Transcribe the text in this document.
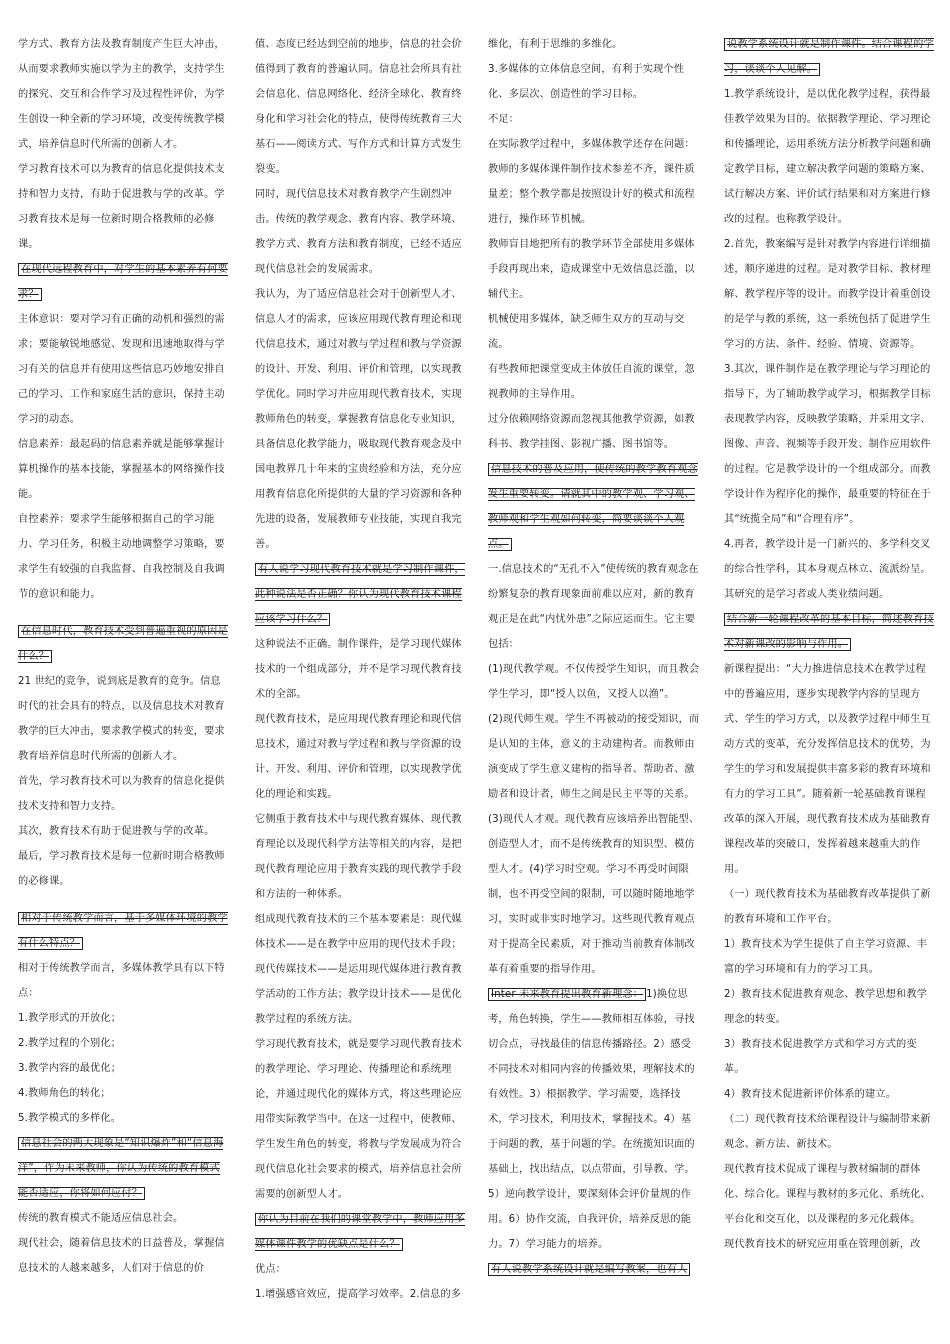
学方式、教育方法及教育制度产生巨大冲击，从而要求教师实施以学为主的教学，支持学生的探究、交互和合作学习及过程性评价，为学生创设一种全新的学习环境，改变传统教学模式，培养信息时代所需的创新人才。

学习教育技术可以为教育的信息化提供技术支持和智力支持，有助于促进教与学的改革。学习教育技术是每一位新时期合格教师的必修课。

在现代远程教育中，对学生的基本素养有何要求？

主体意识：要对学习有正确的动机和强烈的需求；要能敏锐地感觉、发现和迅速地取得与学习有关的信息并有使用这些信息巧妙地安排自己的学习、工作和家庭生活的意识，保持主动学习的动态。

信息素养：最起码的信息素养就是能够掌握计算机操作的基本技能，掌握基本的网络操作技能。

自控素养：要求学生能够根据自己的学习能力、学习任务，积极主动地调整学习策略，要求学生有较强的自我监督、自我控制及自我调节的意识和能力。

在信息时代，教育技术受到普遍重视的原因是什么？

21 世纪的竞争，说到底是教育的竞争。信息时代的社会具有的特点，以及信息技术对教育教学的巨大冲击，要求教学模式的转变，要求教育培养信息时代所需的创新人才。

首先，学习教育技术可以为教育的信息化提供技术支持和智力支持。

其次，教育技术有助于促进教与学的改革。

最后，学习教育技术是每一位新时期合格教师的必修课。

相对于传统教学而言，基于多媒体环境的教学有什么特点？

相对于传统教学而言，多媒体教学具有以下特点：

1.教学形式的开放化；

2.教学过程的个别化；

3.教学内容的最优化；

4.教师角色的转化；

5.教学模式的多样化。

信息社会的两大现象是“知识爆炸”和“信息海洋”，作为未来教师，你认为传统的教育模式能否适应，你将如何应付？

传统的教育模式不能适应信息社会。

现代社会，随着信息技术的日益普及，掌握信息技术的人越来越多，人们对于信息的价

值、态度已经达到空前的地步，信息的社会价值得到了教育的普遍认同。信息社会所具有社会信息化、信息网络化、经济全球化、教育终身化和学习社会化的特点，使得传统教育三大基石——阅读方式、写作方式和计算方式发生裂变。

同时，现代信息技术对教育教学产生剧烈冲击。传统的教学观念、教育内容、教学环境、教学方式、教育方法和教育制度，已经不适应现代信息社会的发展需求。

我认为，为了适应信息社会对于创新型人才、信息人才的需求，应该应用现代教育理论和现代信息技术，通过对教与学过程和教与学资源的设计、开发、利用、评价和管理，以实现教学优化。同时学习并应用现代教育技术，实现教师角色的转变，掌握教育信息化专业知识，具备信息化教学能力，吸取现代教育观念及中国电教界几十年来的宝贵经验和方法，充分应用教育信息化所提供的大量的学习资源和各种先进的设备，发展教师专业技能，实现自我完善。

有人说学习现代教育技术就是学习制作课件，此种说法是否正确？你认为现代教育技术课程应该学习什么？

这种说法不正确。制作课件，是学习现代媒体技术的一个组成部分，并不是学习现代教育技术的全部。

现代教育技术，是应用现代教育理论和现代信息技术，通过对教与学过程和教与学资源的设计、开发、利用、评价和管理，以实现教学优化的理论和实践。

它侧重于教育技术中与现代教育媒体、现代教育理论以及现代科学方法等相关的内容，是把现代教育理论应用于教育实践的现代教学手段和方法的一种体系。

组成现代教育技术的三个基本要素是：现代媒体技术——是在教学中应用的现代技术手段；现代传媒技术——是运用现代媒体进行教育教学活动的工作方法；教学设计技术——是优化教学过程的系统方法。

学习现代教育技术，就是要学习现代教育技术的教学理论、学习理论、传播理论和系统理论，并通过现代化的媒体方式，将这些理论应用带实际教学当中。在这一过程中，使教师、学生发生角色的转变，将教与学发展成为符合现代信息化社会要求的模式，培养信息社会所需要的创新型人才。

你认为目前在我们的课堂教学中，教师应用多媒体课件教学的优缺点是什么？

优点：

1.增强感官效应，提高学习效率。2.信息的多

维化，有利于思维的多维化。

3.多媒体的立体信息空间，有利于实现个性化、多层次、创造性的学习目标。

不足：

在实际教学过程中，多媒体教学还存在问题：教师的多媒体课件制作技术参差不齐，课件质量差；整个教学都是按照设计好的模式和流程进行，操作环节机械。

教师盲目地把所有的教学环节全部使用多媒体手段再现出来，造成课堂中无效信息泛滥，以辅代主。

机械使用多媒体，缺乏师生双方的互动与交流。

有些教师把课堂变成主体放任自流的课堂，忽视教师的主导作用。

过分依赖网络资源而忽视其他教学资源，如教科书、教学挂图、影视广播、图书馆等。

信息技术的普及应用，使传统的教学教育观念发生重要转变。请就其中的教学观、学习观、教师观和学生观如何转变，简要谈谈个人观点。

一.信息技术的“无孔不入”使传统的教育观念在纷繁复杂的教育现象面前难以应对，新的教育观正是在此“内忧外患”之际应运而生。它主要包括：

(1)现代教学观。不仅传授学生知识，而且教会学生学习，即“授人以鱼，又授人以渔”。

(2)现代师生观。学生不再被动的接受知识，而是认知的主体，意义的主动建构者。而教师由演变成了学生意义建构的指导者、帮助者、激励者和设计者，师生之间是民主平等的关系。

(3)现代人才观。现代教育应该培养出智能型、创造型人才，而不是传统教育的知识型、模仿型人才。(4)学习时空观。学习不再受时间限制，也不再受空间的限制，可以随时随地地学习，实时或非实时地学习。这些现代教育观点对于提高全民素质，对于推动当前教育体制改革有着重要的指导作用。

Inter 未来教育提出教育新理念： 1)换位思考，角色转换，学生——教师相互体验，寻找切合点，寻找最佳的信息传播路径。2）感受不同技术对相同内容的传播效果，理解技术的有效性。3）根据教学、学习需要，选择技术，学习技术，利用技术，掌握技术。4）基于问题的教，基于问题的学。在统揽知识面的基础上，找出结点，以点带面，引导教、学。5）逆向教学设计，要深刻体会评价量规的作用。6）协作交流，自我评价，培养反思的能力。7）学习能力的培养。

有人说教学系统设计就是编写教案，也有人

说教学系统设计就是制作课件。结合课程的学习，谈谈个人见解。

1.教学系统设计，是以优化教学过程，获得最佳教学效果为目的。依据教学理论、学习理论和传播理论，运用系统方法分析教学问题和确定教学目标，建立解决教学问题的策略方案、试行解决方案、评价试行结果和对方案进行修改的过程。也称教学设计。

2.首先，教案编写是针对教学内容进行详细描述，顺序递进的过程。是对教学目标、教材理解、教学程序等的设计。而教学设计着重创设的是学与教的系统，这一系统包括了促进学生学习的方法、条件、经验、情境、资源等。

3.其次，课件制作是在教学理论与学习理论的指导下，为了辅助教学或学习，根据教学目标表现教学内容，反映教学策略，并采用文字、图像、声音、视频等手段开发、制作应用软件的过程。它是教学设计的一个组成部分。而教学设计作为程序化的操作，最重要的特征在于其“统揽全局”和“合理有序”。

4.再者，教学设计是一门新兴的、多学科交叉的综合性学科，其本身观点林立、流派纷呈。其研究的是学习者或人类业绩问题。

结合新一轮课程改革的基本目标，简述教育技术对新课改的影响与作用。

新课程提出：“大力推进信息技术在教学过程中的普遍应用，逐步实现教学内容的呈现方式、学生的学习方式，以及教学过程中师生互动方式的变革，充分发挥信息技术的优势，为学生的学习和发展提供丰富多彩的教育环境和有力的学习工具”。随着新一轮基础教育课程改革的深入开展，现代教育技术成为基础教育课程改革的突破口，发挥着越来越重大的作用。

（一）现代教育技术为基础教育改革提供了新的教育环境和工作平台。

1）教育技术为学生提供了自主学习资源、丰富的学习环境和有力的学习工具。

2）教育技术促进教育观念、教学思想和教学理念的转变。

3）教育技术促进教学方式和学习方式的变革。

4）教育技术促进新评价体系的建立。

（二）现代教育技术给课程设计与编制带来新观念、新方法、新技术。

现代教育技术促成了课程与教材编制的群体化、综合化。课程与教材的多元化、系统化、平台化和交互化，以及课程的多元化载体。

现代教育技术的研究应用重在管理创新，改
